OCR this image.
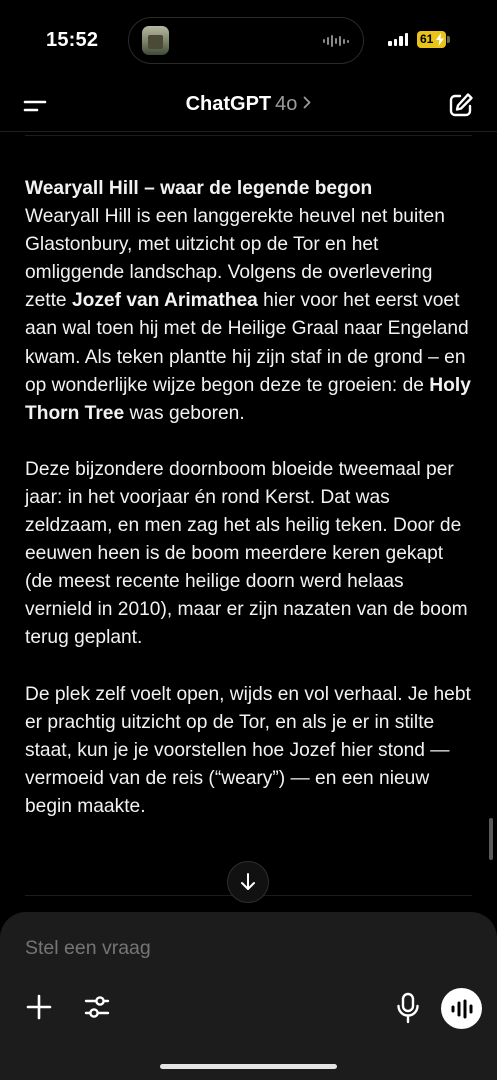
15:52	61
ChatGPT 4o

Wearyall Hill – waar de legende begon

Wearyall Hill is een langgerekte heuvel net buiten Glastonbury, met uitzicht op de Tor en het omliggende landschap. Volgens de overlevering zette Jozef van Arimathea hier voor het eerst voet aan wal toen hij met de Heilige Graal naar Engeland kwam. Als teken plantte hij zijn staf in de grond – en op wonderlijke wijze begon deze te groeien: de Holy Thorn Tree was geboren.

Deze bijzondere doornboom bloeide tweemaal per jaar: in het voorjaar én rond Kerst. Dat was zeldzaam, en men zag het als heilig teken. Door de eeuwen heen is de boom meerdere keren gekapt (de meest recente heilige doorn werd helaas vernield in 2010), maar er zijn nazaten van de boom terug geplant.

De plek zelf voelt open, wijds en vol verhaal. Je hebt er prachtig uitzicht op de Tor, en als je er in stilte staat, kun je je voorstellen hoe Jozef hier stond — vermoeid van de reis (“weary”) — en een nieuw begin maakte.

Stel een vraag
